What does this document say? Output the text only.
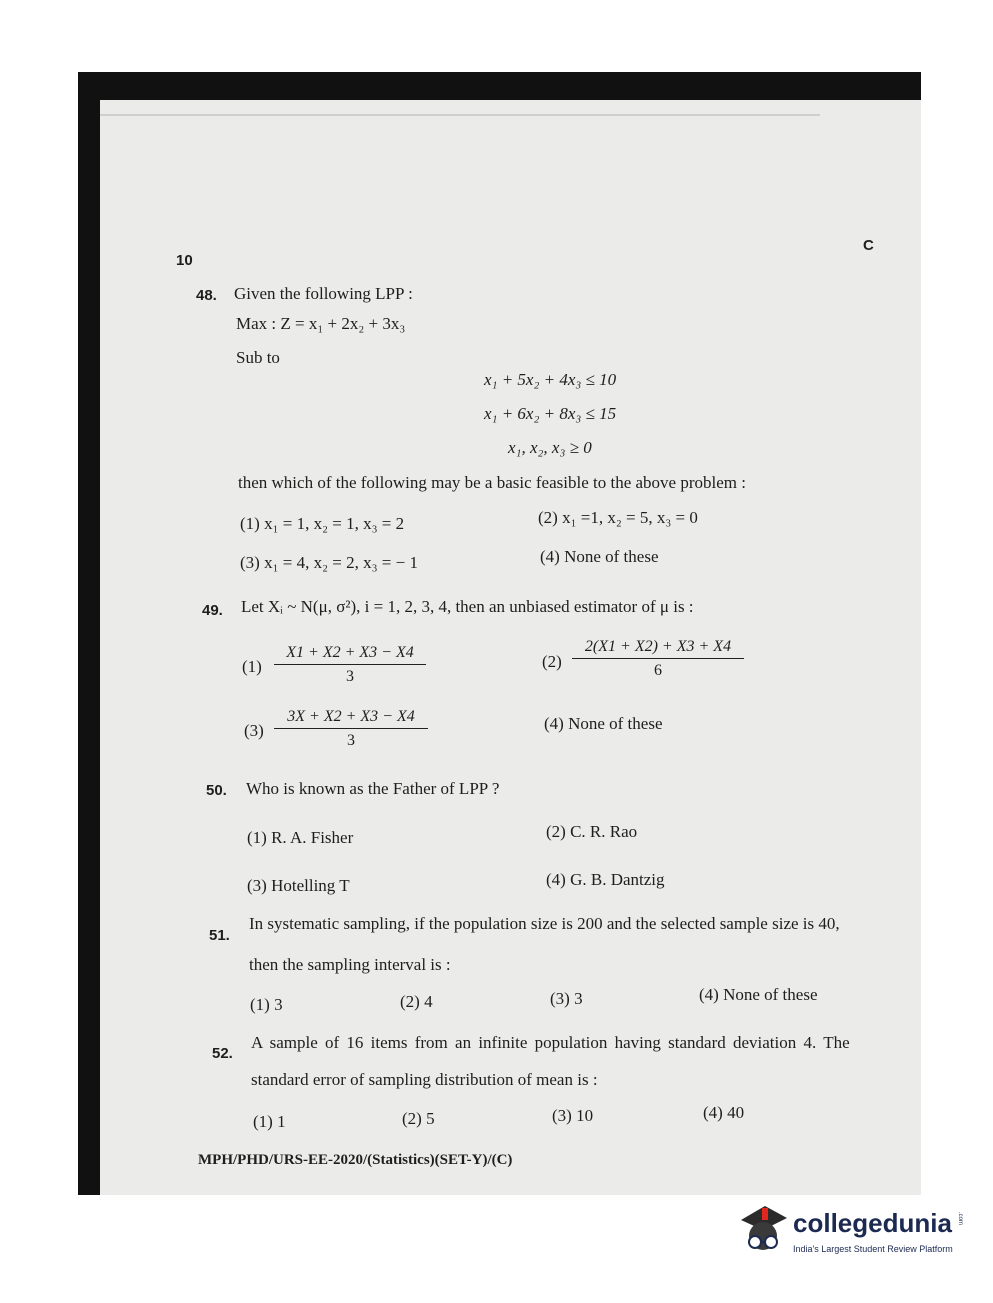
10
C
48. Given the following LPP :
Max : Z = x₁ + 2x₂ + 3x₃
Sub to
x₁ + 5x₂ + 4x₃ ≤ 10
x₁ + 6x₂ + 8x₃ ≤ 15
x₁, x₂, x₃ ≥ 0
then which of the following may be a basic feasible to the above problem :
(1) x₁ = 1, x₂ = 1, x₃ = 2	(2) x₁ =1, x₂ = 5, x₃ = 0
(3) x₁ = 4, x₂ = 2, x₃ = − 1	(4) None of these
49. Let Xᵢ ~ N(μ, σ²), i = 1, 2, 3, 4, then an unbiased estimator of μ is :
$(1) \frac{X1 + X2 + X3 - X4}{3}$	$(2) \frac{2(X1 + X2) + X3 + X4}{6}$
$(3) \frac{3X + X2 + X3 - X4}{3}$	(4) None of these
50. Who is known as the Father of LPP ?
(1) R. A. Fisher	(2) C. R. Rao
(3) Hotelling T	(4) G. B. Dantzig
51.
In systematic sampling, if the population size is 200 and the selected sample size is 40,
then the sampling interval is :
(1) 3	(2) 4	(3) 3	(4) None of these
52.
A sample of 16 items from an infinite population having standard deviation 4. The
standard error of sampling distribution of mean is :
(1) 1	(2) 5	(3) 10	(4) 40
MPH/PHD/URS-EE-2020/(Statistics)(SET-Y)/(C)
collegedunia .com
India's Largest Student Review Platform
